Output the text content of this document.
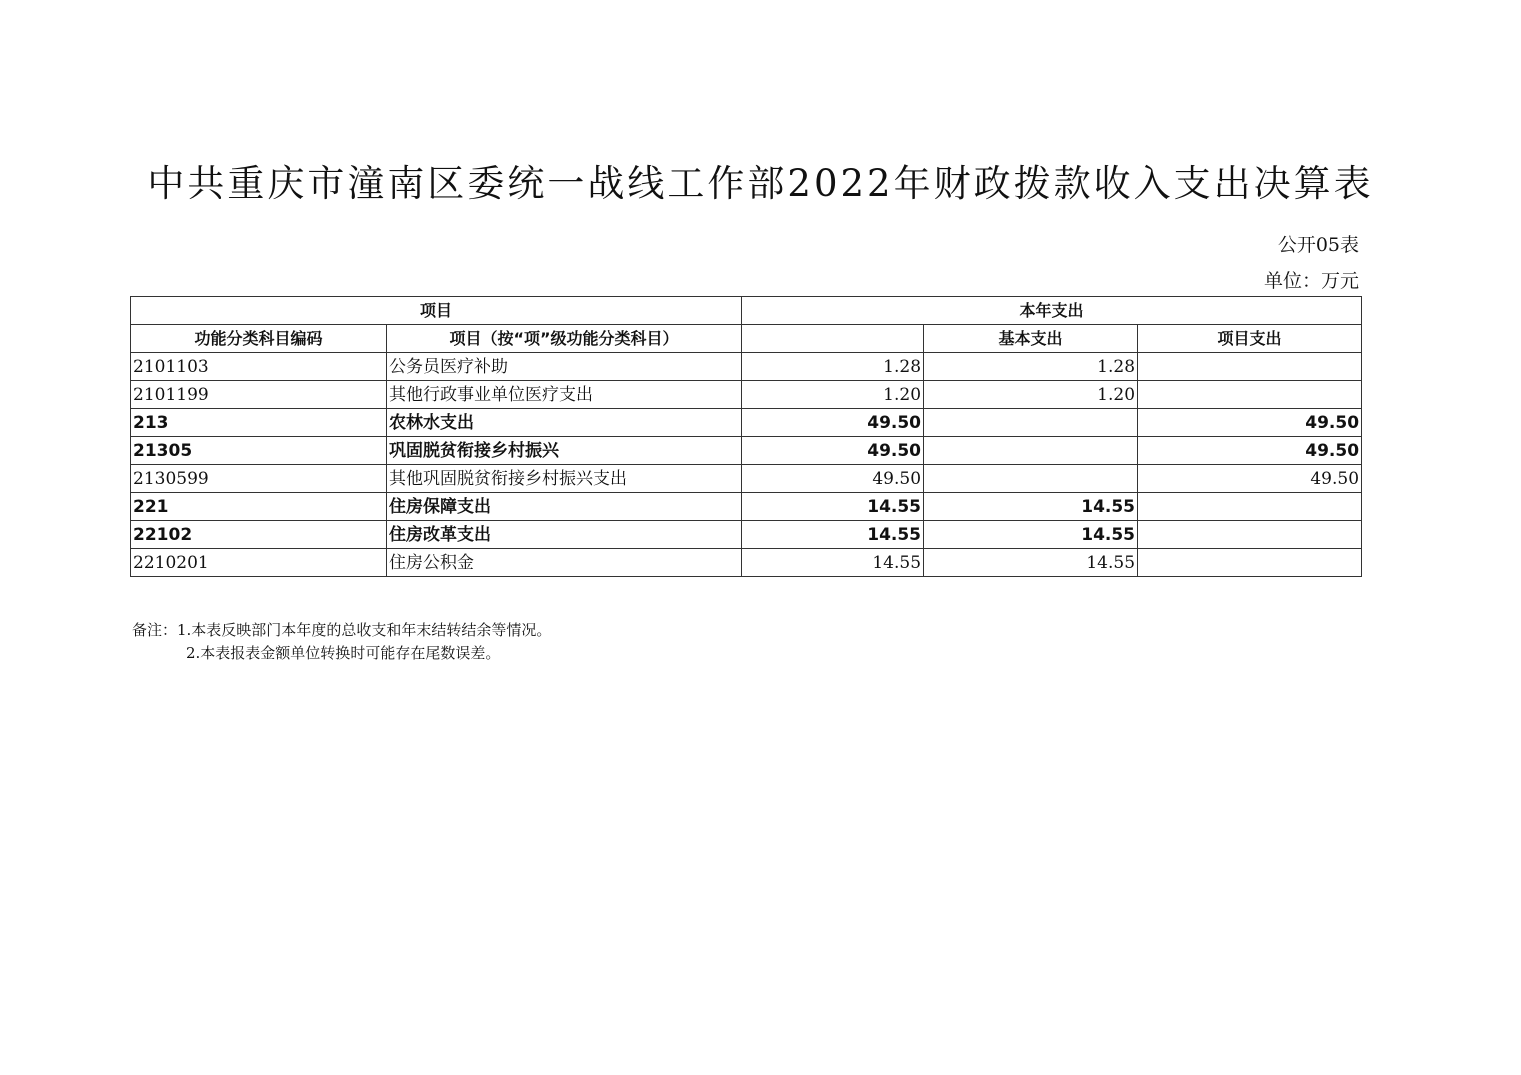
中共重庆市潼南区委统一战线工作部2022年财政拨款收入支出决算表
公开05表
单位：万元
项目		本年支出		
功能分类科目编码	项目（按“项”级功能分类科目）		基本支出	项目支出
2101103	公务员医疗补助	1.28	1.28	
2101199	其他行政事业单位医疗支出	1.20	1.20	
213	农林水支出	49.50		49.50
21305	巩固脱贫衔接乡村振兴	49.50		49.50
2130599	其他巩固脱贫衔接乡村振兴支出	49.50		49.50
221	住房保障支出	14.55	14.55	
22102	住房改革支出	14.55	14.55	
2210201	住房公积金	14.55	14.55	
备注：1.本表反映部门本年度的总收支和年末结转结余等情况。
2.本表报表金额单位转换时可能存在尾数误差。
